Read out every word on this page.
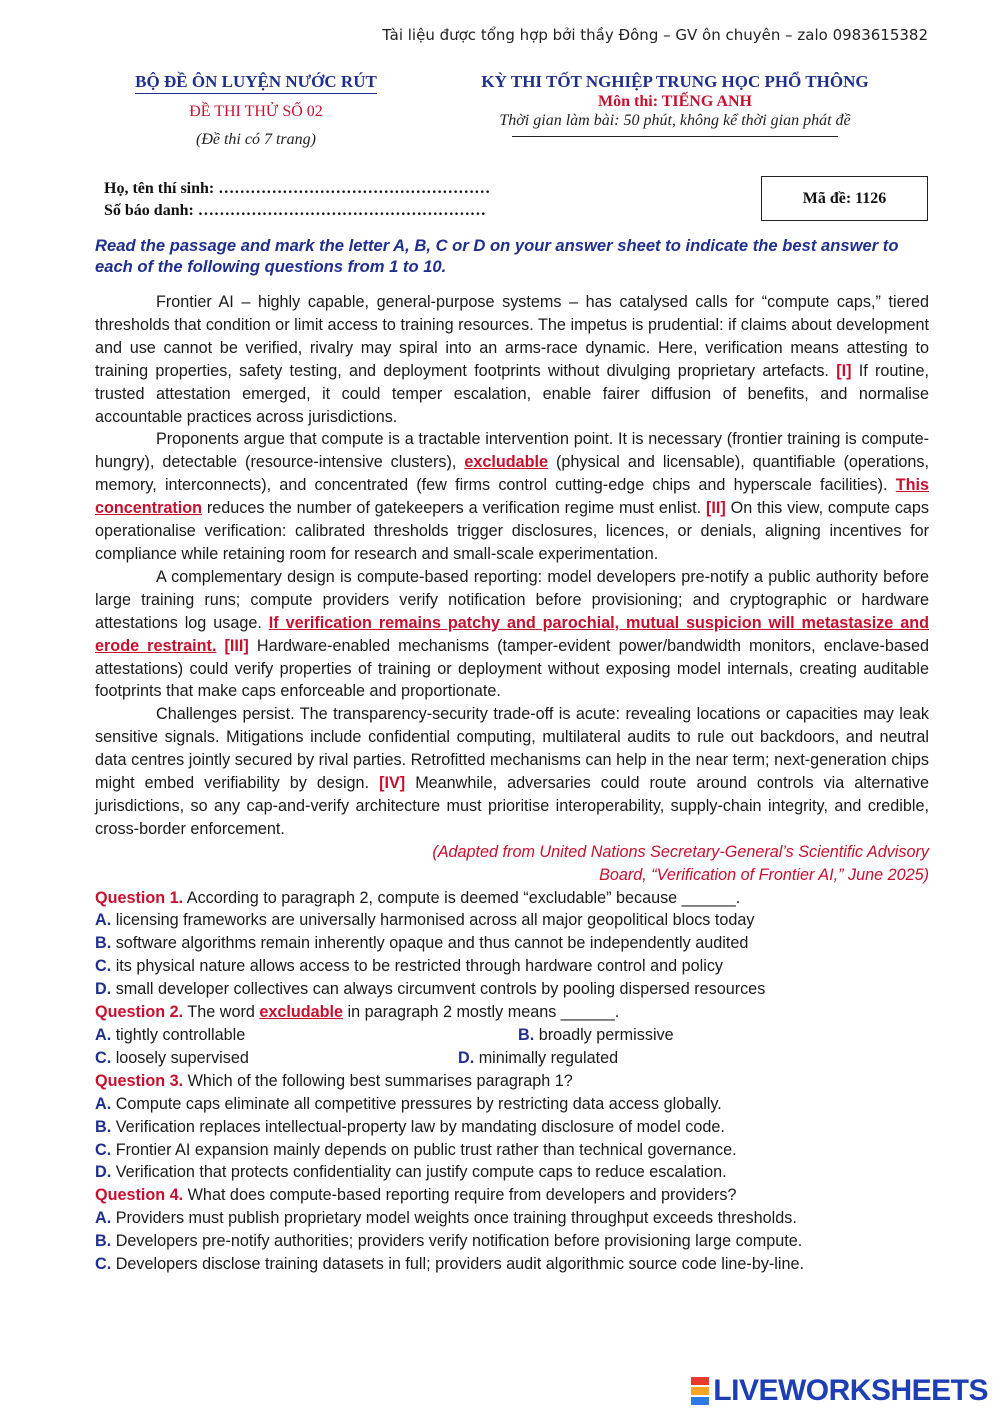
Tài liệu được tổng hợp bởi thầy Đông – GV ôn chuyên – zalo 0983615382
BỘ ĐỀ ÔN LUYỆN NƯỚC RÚT
ĐỀ THI THỬ SỐ 02
(Đề thi có 7 trang)
KỲ THI TỐT NGHIỆP TRUNG HỌC PHỔ THÔNG
Môn thi: TIẾNG ANH
Thời gian làm bài: 50 phút, không kể thời gian phát đề
Họ, tên thí sinh: ……………………………………………
Số báo danh: ………………………………………………
Mã đề: 1126
Read the passage and mark the letter A, B, C or D on your answer sheet to indicate the best answer to each of the following questions from 1 to 10.

Frontier AI – highly capable, general-purpose systems – has catalysed calls for “compute caps,” tiered thresholds that condition or limit access to training resources. The impetus is prudential: if claims about development and use cannot be verified, rivalry may spiral into an arms-race dynamic. Here, verification means attesting to training properties, safety testing, and deployment footprints without divulging proprietary artefacts. [I] If routine, trusted attestation emerged, it could temper escalation, enable fairer diffusion of benefits, and normalise accountable practices across jurisdictions.

Proponents argue that compute is a tractable intervention point. It is necessary (frontier training is compute-hungry), detectable (resource-intensive clusters), excludable (physical and licensable), quantifiable (operations, memory, interconnects), and concentrated (few firms control cutting-edge chips and hyperscale facilities). This concentration reduces the number of gatekeepers a verification regime must enlist. [II] On this view, compute caps operationalise verification: calibrated thresholds trigger disclosures, licences, or denials, aligning incentives for compliance while retaining room for research and small-scale experimentation.

A complementary design is compute-based reporting: model developers pre-notify a public authority before large training runs; compute providers verify notification before provisioning; and cryptographic or hardware attestations log usage. If verification remains patchy and parochial, mutual suspicion will metastasize and erode restraint. [III] Hardware-enabled mechanisms (tamper-evident power/bandwidth monitors, enclave-based attestations) could verify properties of training or deployment without exposing model internals, creating auditable footprints that make caps enforceable and proportionate.

Challenges persist. The transparency-security trade-off is acute: revealing locations or capacities may leak sensitive signals. Mitigations include confidential computing, multilateral audits to rule out backdoors, and neutral data centres jointly secured by rival parties. Retrofitted mechanisms can help in the near term; next-generation chips might embed verifiability by design. [IV] Meanwhile, adversaries could route around controls via alternative jurisdictions, so any cap-and-verify architecture must prioritise interoperability, supply-chain integrity, and credible, cross-border enforcement.

(Adapted from United Nations Secretary-General’s Scientific Advisory
Board, “Verification of Frontier AI,” June 2025)

Question 1. According to paragraph 2, compute is deemed “excludable” because ______.

A. licensing frameworks are universally harmonised across all major geopolitical blocs today

B. software algorithms remain inherently opaque and thus cannot be independently audited

C. its physical nature allows access to be restricted through hardware control and policy

D. small developer collectives can always circumvent controls by pooling dispersed resources

Question 2. The word excludable in paragraph 2 mostly means ______.

A. tightly controllable	B. broadly permissive
C. loosely supervised	D. minimally regulated

Question 3. Which of the following best summarises paragraph 1?

A. Compute caps eliminate all competitive pressures by restricting data access globally.

B. Verification replaces intellectual-property law by mandating disclosure of model code.

C. Frontier AI expansion mainly depends on public trust rather than technical governance.

D. Verification that protects confidentiality can justify compute caps to reduce escalation.

Question 4. What does compute-based reporting require from developers and providers?

A. Providers must publish proprietary model weights once training throughput exceeds thresholds.

B. Developers pre-notify authorities; providers verify notification before provisioning large compute.

C. Developers disclose training datasets in full; providers audit algorithmic source code line-by-line.

LIVEWORKSHEETS
